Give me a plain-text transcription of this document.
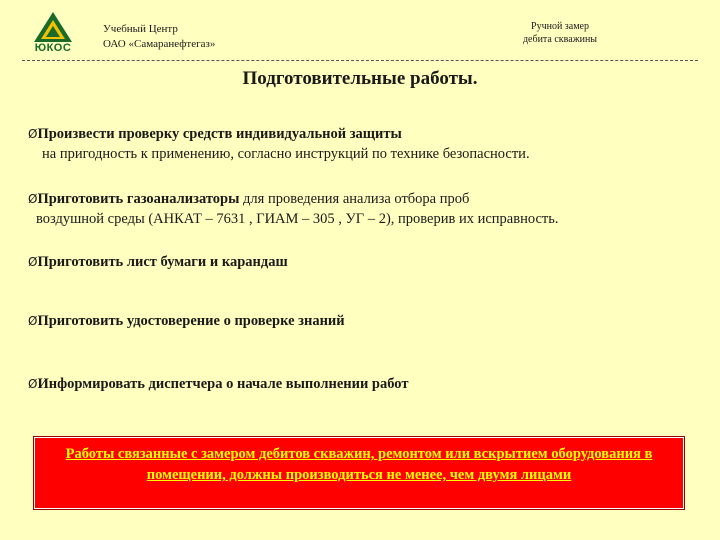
ЮКОС
Учебный Центр
ОАО «Самаранефтегаз»
Ручной замер
дебита скважины
Подготовительные работы.
ØПроизвести проверку средств индивидуальной защиты
на пригодность к применению, согласно инструкций по технике безопасности.
ØПриготовить газоанализаторы для проведения анализа отбора проб
воздушной среды (АНКАТ – 7631 , ГИАМ – 305 , УГ – 2), проверив их исправность.
ØПриготовить лист бумаги и карандаш
ØПриготовить удостоверение о проверке знаний
ØИнформировать диспетчера о начале выполнении работ
Работы связанные с замером дебитов скважин, ремонтом или вскрытием оборудования в помещении, должны производиться не менее, чем двумя лицами
